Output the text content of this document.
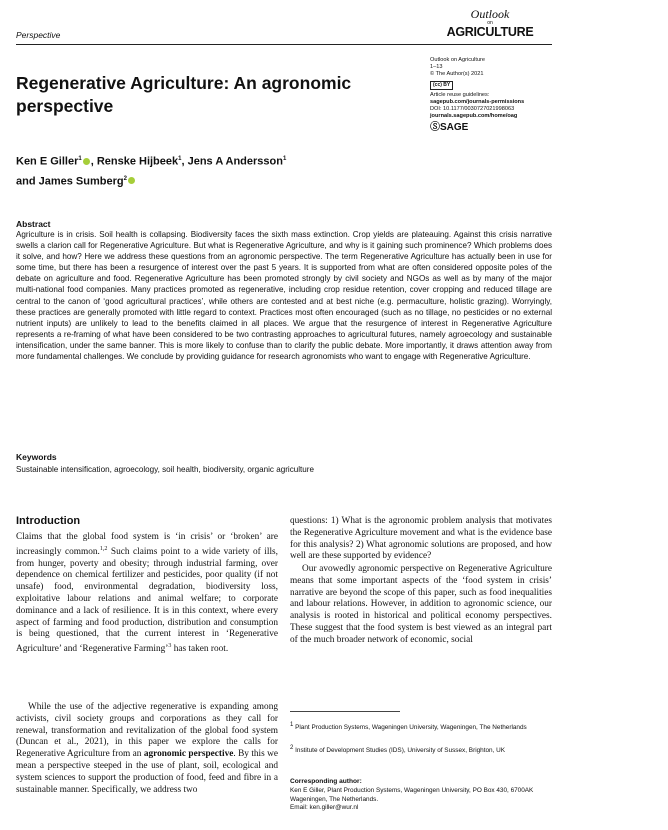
Perspective
Outlook
on
AGRICULTURE
Outlook on Agriculture
1–13
© The Author(s) 2021
(cc) BY
Article reuse guidelines:
sagepub.com/journals-permissions
DOI: 10.1177/0030727021998063
journals.sagepub.com/home/oag
ⓈSAGE
Regenerative Agriculture: An agronomic perspective
Ken E Giller$^1$ , Renske Hijbeek$^1$, Jens A Andersson$^1$
and James Sumberg$^2$
Abstract
Agriculture is in crisis. Soil health is collapsing. Biodiversity faces the sixth mass extinction. Crop yields are plateauing. Against this crisis narrative swells a clarion call for Regenerative Agriculture. But what is Regenerative Agriculture, and why is it gaining such prominence? Which problems does it solve, and how? Here we address these questions from an agronomic perspective. The term Regenerative Agriculture has actually been in use for some time, but there has been a resurgence of interest over the past 5 years. It is supported from what are often considered opposite poles of the debate on agriculture and food. Regenerative Agriculture has been promoted strongly by civil society and NGOs as well as by many of the major multi-national food companies. Many practices promoted as regenerative, including crop residue retention, cover cropping and reduced tillage are central to the canon of ‘good agricultural practices’, while others are contested and at best niche (e.g. permaculture, holistic grazing). Worryingly, these practices are generally promoted with little regard to context. Practices most often encouraged (such as no tillage, no pesticides or no external nutrient inputs) are unlikely to lead to the benefits claimed in all places. We argue that the resurgence of interest in Regenerative Agriculture represents a re-framing of what have been considered to be two contrasting approaches to agricultural futures, namely agroecology and sustainable intensification, under the same banner. This is more likely to confuse than to clarify the public debate. More importantly, it draws attention away from more fundamental challenges. We conclude by providing guidance for research agronomists who want to engage with Regenerative Agriculture.
Keywords
Sustainable intensification, agroecology, soil health, biodiversity, organic agriculture
Introduction

Claims that the global food system is ‘in crisis’ or ‘broken’ are increasingly common.$^{1,2}$ Such claims point to a wide variety of ills, from hunger, poverty and obesity; through industrial farming, over dependence on chemical fertilizer and pesticides, poor quality (if not unsafe) food, environmental degradation, biodiversity loss, exploitative labour relations and animal welfare; to corporate dominance and a lack of resilience. It is in this context, where every aspect of farming and food production, distribution and consumption is being questioned, that the current interest in ‘Regenerative Agriculture’ and ‘Regenerative Farming’$^3$ has taken root.

While the use of the adjective regenerative is expanding among activists, civil society groups and corporations as they call for renewal, transformation and revitalization of the global food system (Duncan et al., 2021), in this paper we explore the calls for Regenerative Agriculture from an agronomic perspective. By this we mean a perspective steeped in the use of plant, soil, ecological and system sciences to support the production of food, feed and fibre in a sustainable manner. Specifically, we address two

questions: 1) What is the agronomic problem analysis that motivates the Regenerative Agriculture movement and what is the evidence base for this analysis? 2) What agronomic solutions are proposed, and how well are these supported by evidence?

Our avowedly agronomic perspective on Regenerative Agriculture means that some important aspects of the ‘food system in crisis’ narrative are beyond the scope of this paper, such as food inequalities and labour relations. However, in addition to agronomic science, our analysis is rooted in historical and political economy perspectives. These suggest that the food system is best viewed as an integral part of the much broader network of economic, social

$^1$ Plant Production Systems, Wageningen University, Wageningen, The Netherlands
$^2$ Institute of Development Studies (IDS), University of Sussex, Brighton, UK
Corresponding author:
Ken E Giller, Plant Production Systems, Wageningen University, PO Box 430, 6700AK Wageningen, The Netherlands.
Email: ken.giller@wur.nl
